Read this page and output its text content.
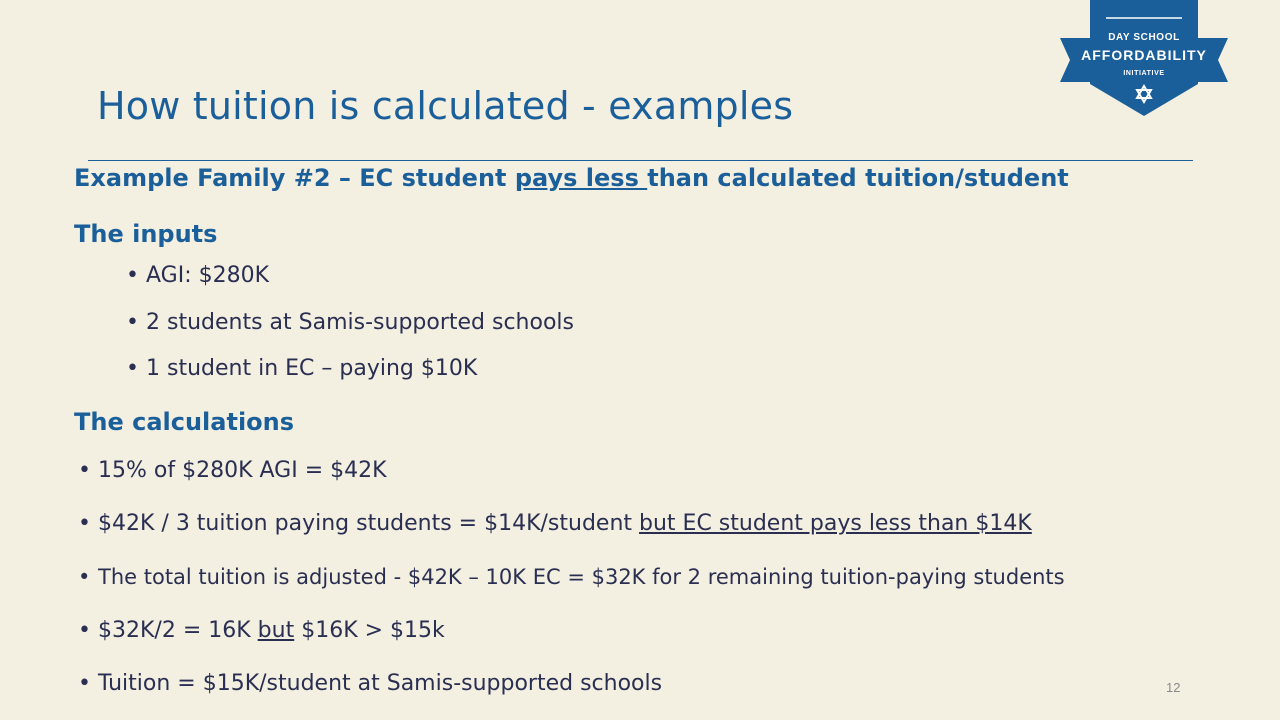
DAY SCHOOL
AFFORDABILITY
INITIATIVE
How tuition is calculated - examples
Example Family #2 – EC student pays less than calculated tuition/student
The inputs
• AGI: $280K
• 2 students at Samis-supported schools
• 1 student in EC – paying $10K
The calculations
• 15% of $280K AGI = $42K
• $42K / 3 tuition paying students = $14K/student but EC student pays less than $14K
• The total tuition is adjusted - $42K – 10K EC = $32K for 2 remaining tuition-paying students
• $32K/2 = 16K but $16K > $15k
• Tuition = $15K/student at Samis-supported schools	12
